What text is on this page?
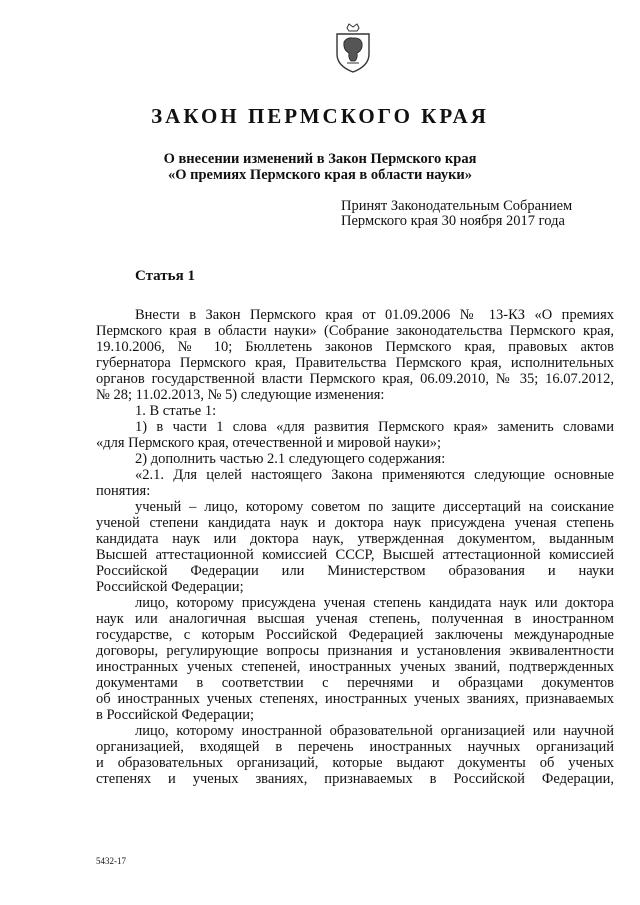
ЗАКОН ПЕРМСКОГО КРАЯ
О внесении изменений в Закон Пермского края
«О премиях Пермского края в области науки»
Принят Законодательным Собранием
Пермского края 30 ноября 2017 года
Статья 1

Внести в Закон Пермского края от 01.09.2006 № 13-КЗ «О премиях

Пермского края в области науки» (Собрание законодательства Пермского края,

19.10.2006, № 10; Бюллетень законов Пермского края, правовых актов

губернатора Пермского края, Правительства Пермского края, исполнительных

органов государственной власти Пермского края, 06.09.2010, № 35; 16.07.2012,

№ 28; 11.02.2013, № 5) следующие изменения:

1. В статье 1:

1) в части 1 слова «для развития Пермского края» заменить словами

«для Пермского края, отечественной и мировой науки»;

2) дополнить частью 2.1 следующего содержания:

«2.1. Для целей настоящего Закона применяются следующие основные

понятия:

ученый – лицо, которому советом по защите диссертаций на соискание

ученой степени кандидата наук и доктора наук присуждена ученая степень

кандидата наук или доктора наук, утвержденная документом, выданным

Высшей аттестационной комиссией СССР, Высшей аттестационной комиссией

Российской Федерации или Министерством образования и науки

Российской Федерации;

лицо, которому присуждена ученая степень кандидата наук или доктора

наук или аналогичная высшая ученая степень, полученная в иностранном

государстве, с которым Российской Федерацией заключены международные

договоры, регулирующие вопросы признания и установления эквивалентности

иностранных ученых степеней, иностранных ученых званий, подтвержденных

документами в соответствии с перечнями и образцами документов

об иностранных ученых степенях, иностранных ученых званиях, признаваемых

в Российской Федерации;

лицо, которому иностранной образовательной организацией или научной

организацией, входящей в перечень иностранных научных организаций

и образовательных организаций, которые выдают документы об ученых

степенях и ученых званиях, признаваемых в Российской Федерации,

5432-17
